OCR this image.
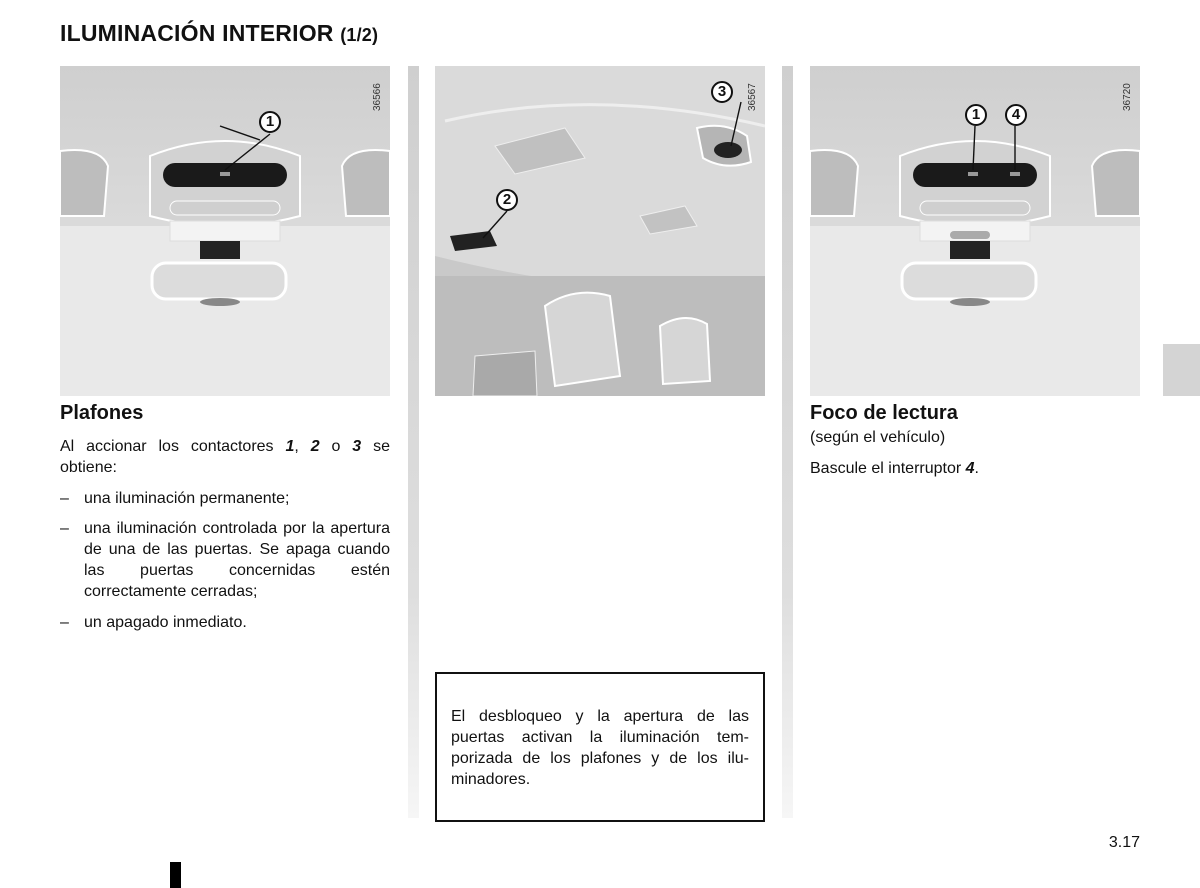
ILUMINACIÓN INTERIOR (1/2)
36566
1
36567
2
3	36720
1	4
Plafones
Al accionar los contactores 1, 2 o 3 se obtiene:
– una iluminación permanente;
– una iluminación controlada por la apertura de una de las puertas. Se apaga cuando las puertas concernidas estén correctamente cerradas;
– un apagado inmediato.
El desbloqueo y la apertura de las puertas activan la iluminación temporizada de los plafones y de los iluminadores.
Foco de lectura
(según el vehículo)
Bascule el interruptor 4.
3.17
